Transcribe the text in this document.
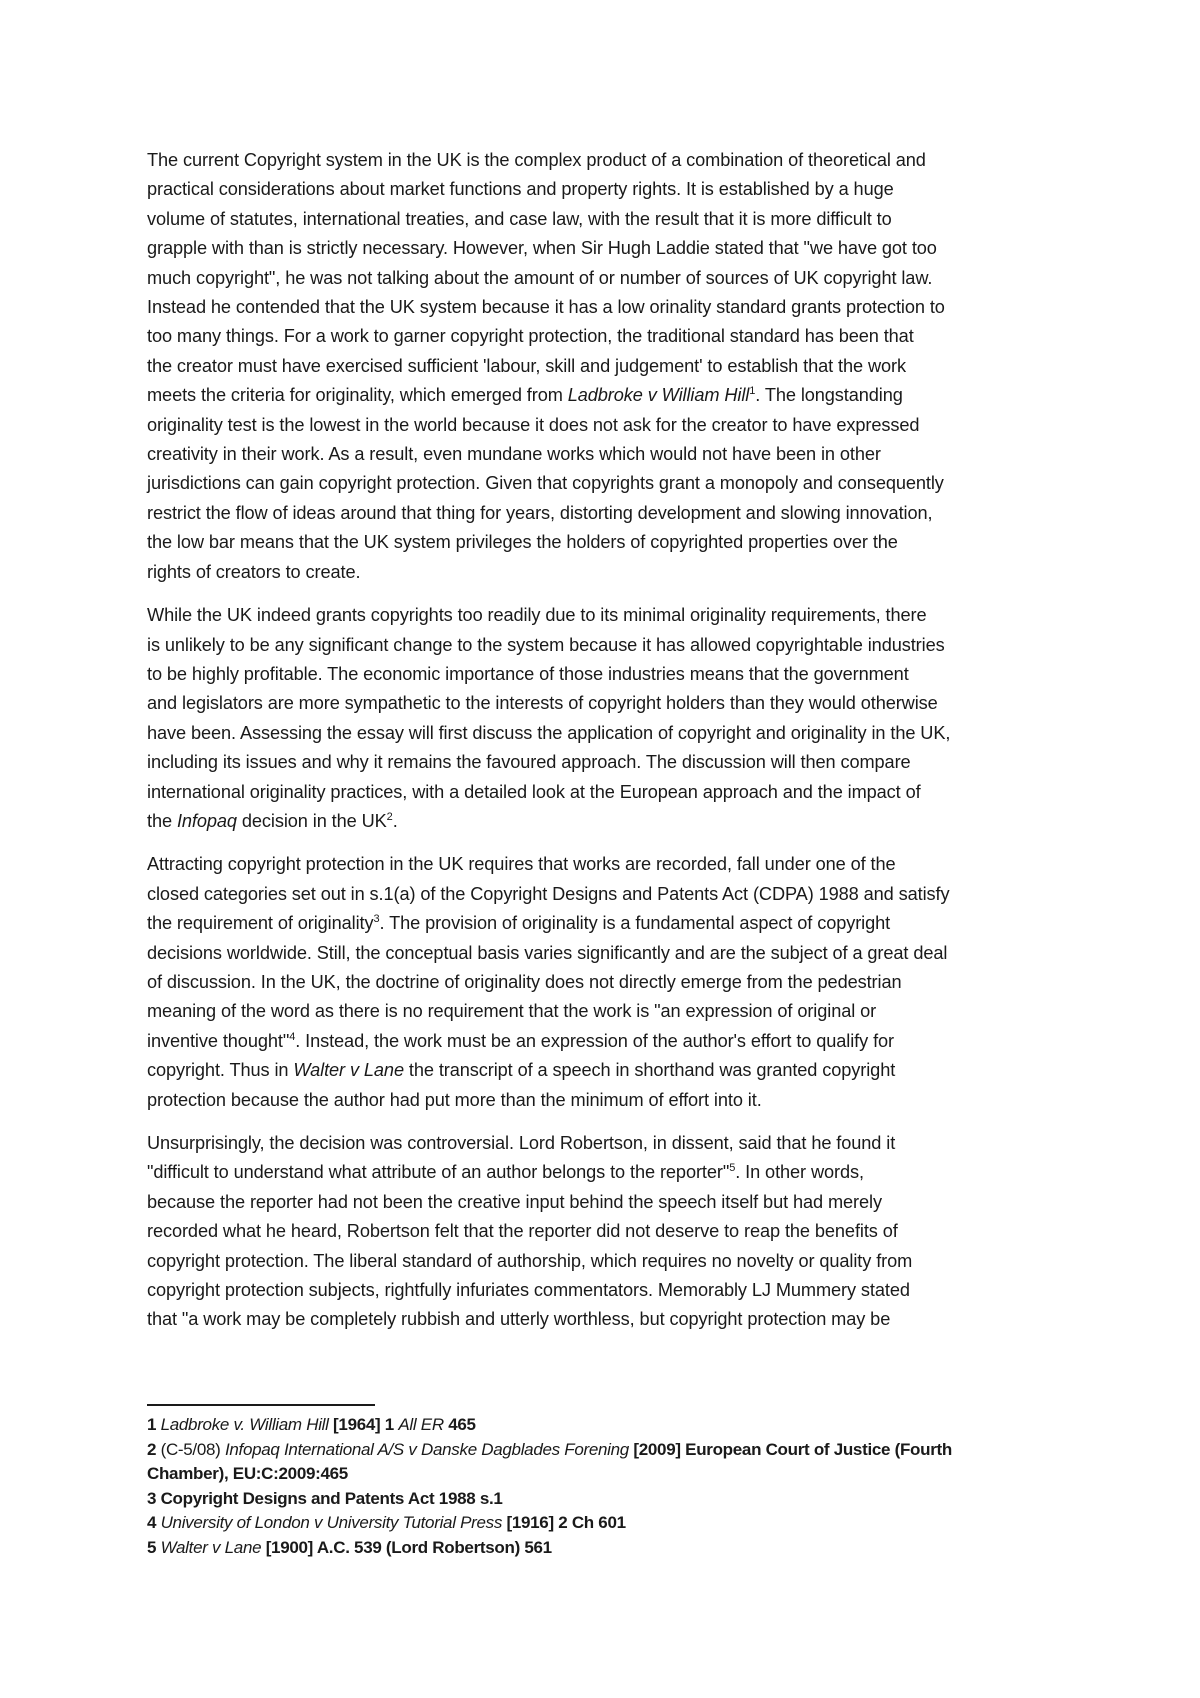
The current Copyright system in the UK is the complex product of a combination of theoretical and
practical considerations about market functions and property rights. It is established by a huge
volume of statutes, international treaties, and case law, with the result that it is more difficult to
grapple with than is strictly necessary. However, when Sir Hugh Laddie stated that "we have got too
much copyright", he was not talking about the amount of or number of sources of UK copyright law.
Instead he contended that the UK system because it has a low orinality standard grants protection to
too many things. For a work to garner copyright protection, the traditional standard has been that
the creator must have exercised sufficient 'labour, skill and judgement' to establish that the work
meets the criteria for originality, which emerged from Ladbroke v William Hill$^1$. The longstanding
originality test is the lowest in the world because it does not ask for the creator to have expressed
creativity in their work. As a result, even mundane works which would not have been in other
jurisdictions can gain copyright protection. Given that copyrights grant a monopoly and consequently
restrict the flow of ideas around that thing for years, distorting development and slowing innovation,
the low bar means that the UK system privileges the holders of copyrighted properties over the
rights of creators to create.

While the UK indeed grants copyrights too readily due to its minimal originality requirements, there
is unlikely to be any significant change to the system because it has allowed copyrightable industries
to be highly profitable. The economic importance of those industries means that the government
and legislators are more sympathetic to the interests of copyright holders than they would otherwise
have been. Assessing the essay will first discuss the application of copyright and originality in the UK,
including its issues and why it remains the favoured approach. The discussion will then compare
international originality practices, with a detailed look at the European approach and the impact of
the Infopaq decision in the $UK^2$.

Attracting copyright protection in the UK requires that works are recorded, fall under one of the
closed categories set out in s.1(a) of the Copyright Designs and Patents Act (CDPA) 1988 and satisfy
the requirement of originality$^3$. The provision of originality is a fundamental aspect of copyright
decisions worldwide. Still, the conceptual basis varies significantly and are the subject of a great deal
of discussion. In the UK, the doctrine of originality does not directly emerge from the pedestrian
meaning of the word as there is no requirement that the work is "an expression of original or
inventive thought"$^4$. Instead, the work must be an expression of the author's effort to qualify for
copyright. Thus in Walter v Lane the transcript of a speech in shorthand was granted copyright
protection because the author had put more than the minimum of effort into it.

Unsurprisingly, the decision was controversial. Lord Robertson, in dissent, said that he found it
"difficult to understand what attribute of an author belongs to the reporter"$^5$. In other words,
because the reporter had not been the creative input behind the speech itself but had merely
recorded what he heard, Robertson felt that the reporter did not deserve to reap the benefits of
copyright protection. The liberal standard of authorship, which requires no novelty or quality from
copyright protection subjects, rightfully infuriates commentators. Memorably LJ Mummery stated
that "a work may be completely rubbish and utterly worthless, but copyright protection may be

1 Ladbroke v. William Hill [1964] 1 All ER 465

2 (C-5/08) Infopaq International A/S v Danske Dagblades Forening [2009] European Court of Justice (Fourth

Chamber), EU:C:2009:465

3 Copyright Designs and Patents Act 1988 s.1

4 University of London v University Tutorial Press [1916] 2 Ch 601

5 Walter v Lane [1900] A.C. 539 (Lord Robertson) 561
